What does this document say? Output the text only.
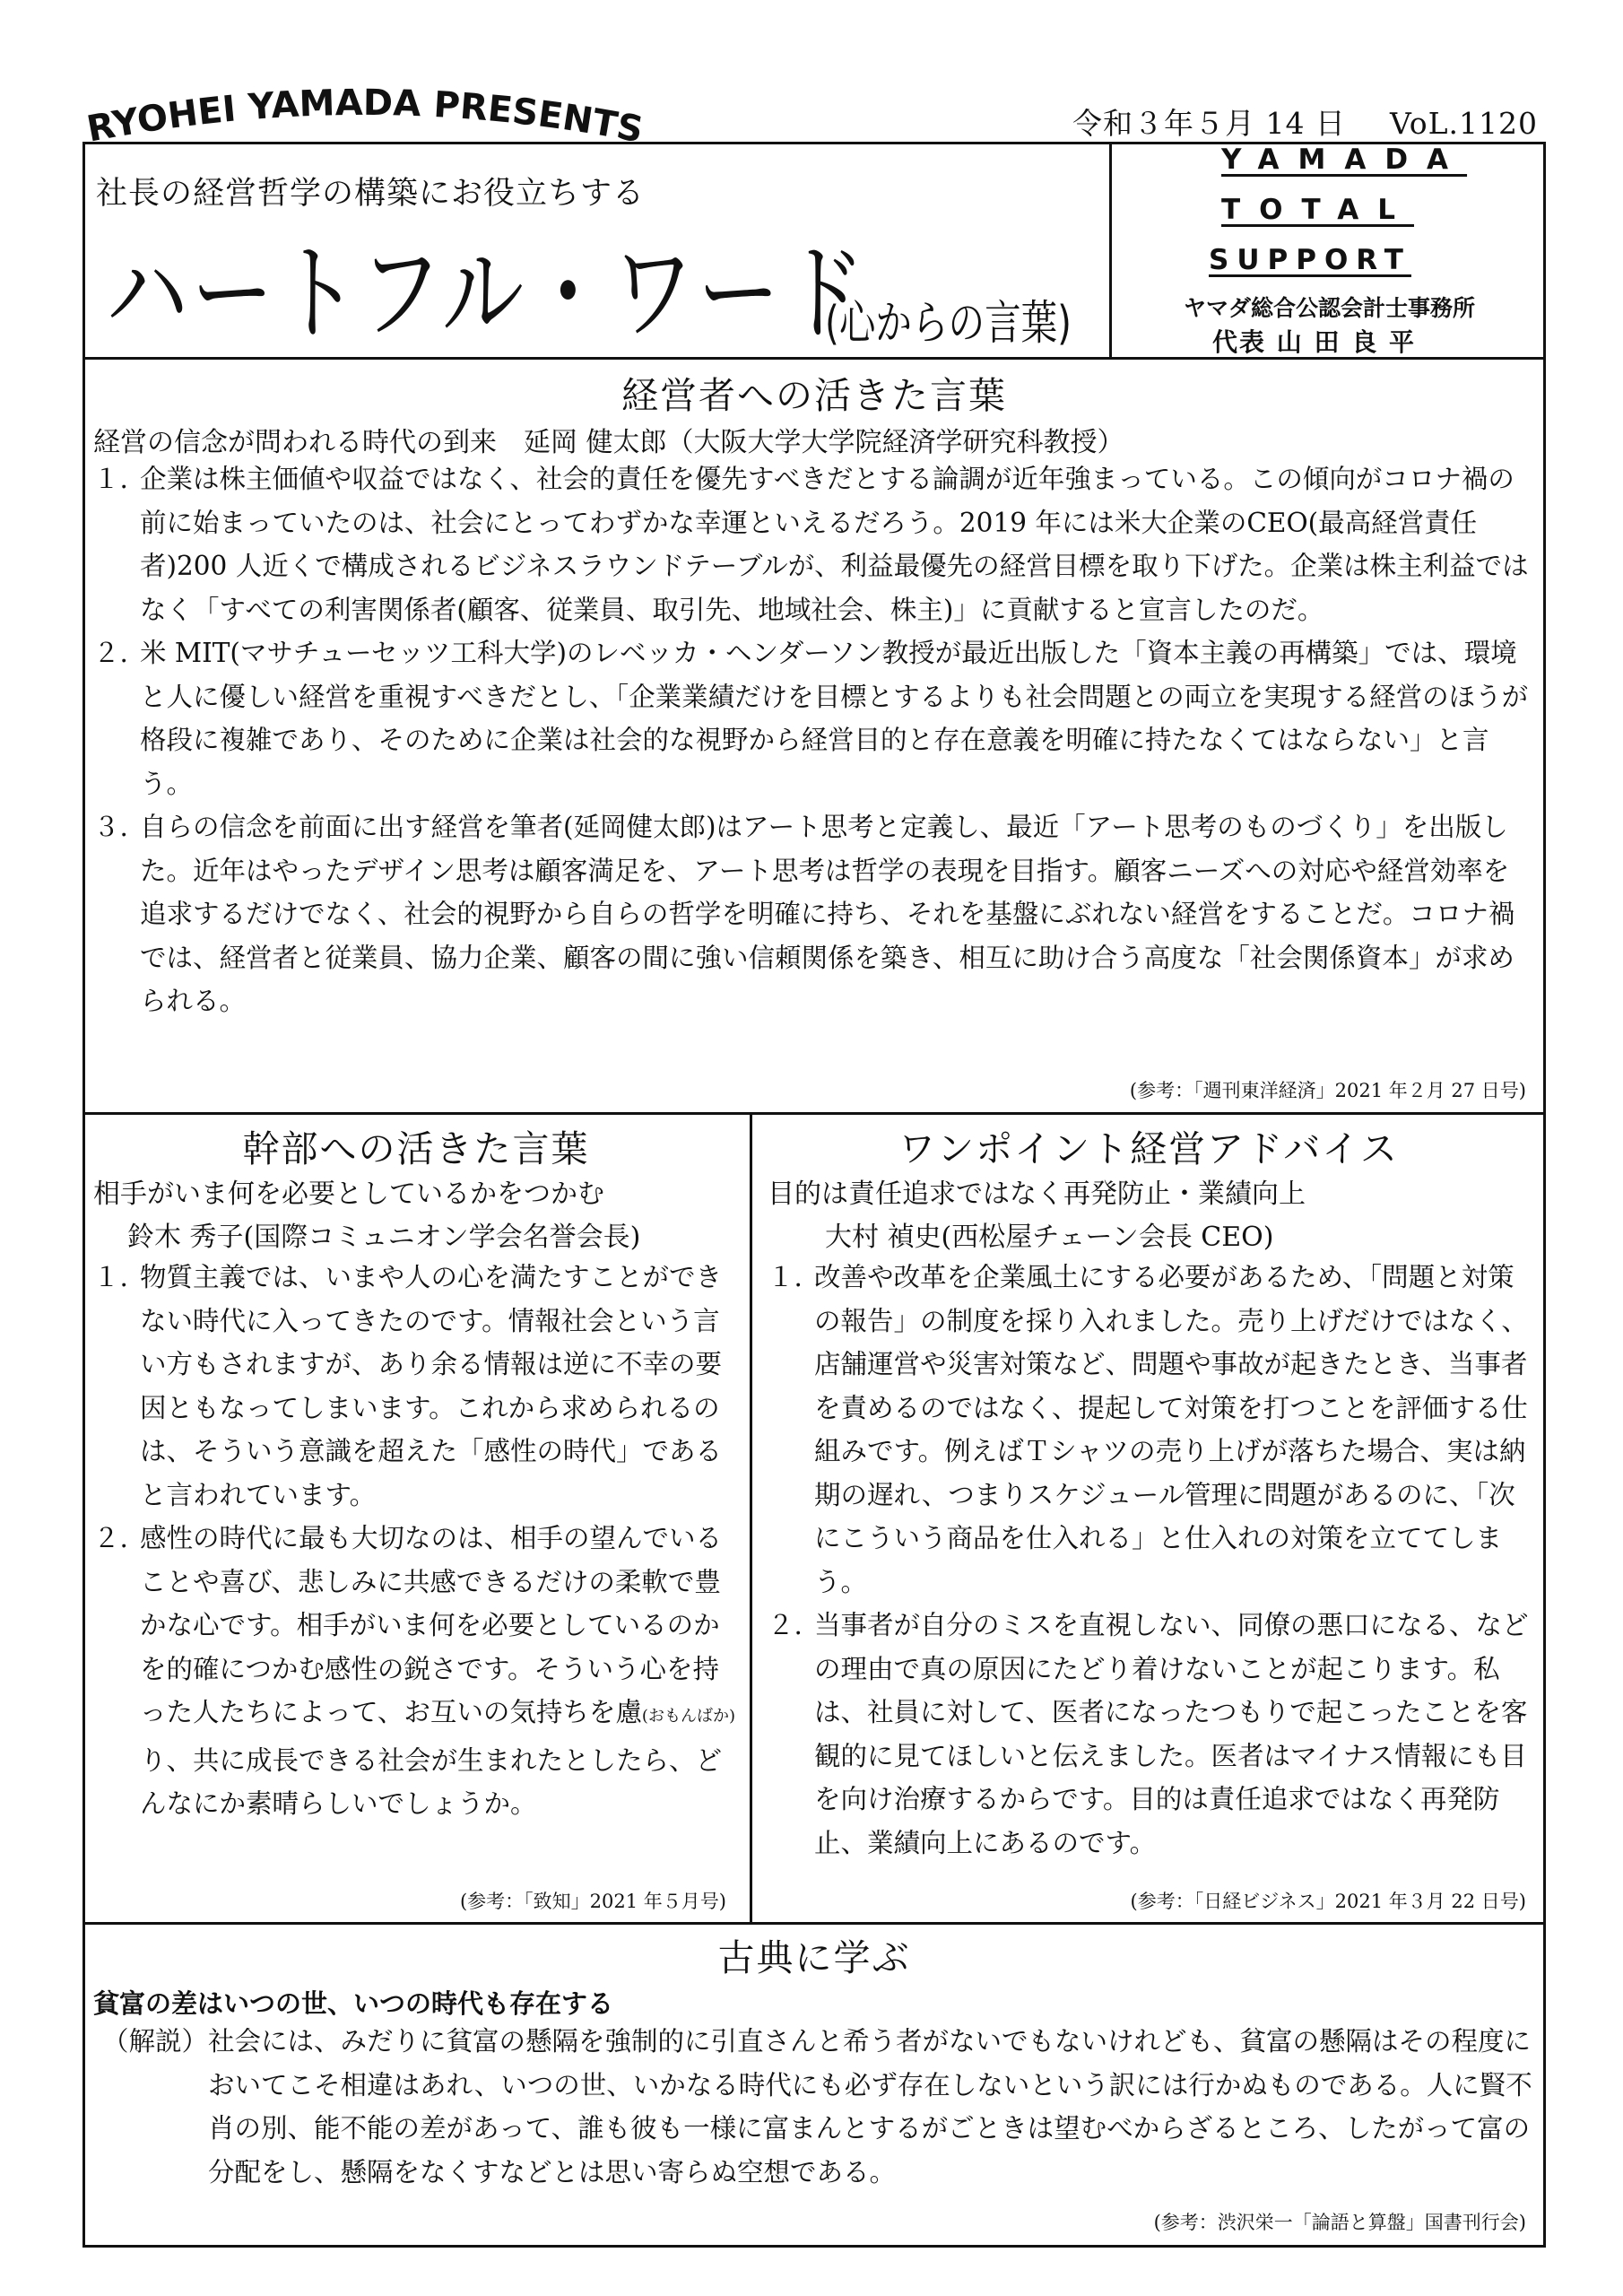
RYOHEI YAMADA PRESENTS	令和３年５月 14 日 VoL.1120
社長の経営哲学の構築にお役立ちする
ハートフル・ワード
(心からの言葉)
YAMADA
TOTAL
SUPPORT
ヤマダ総合公認会計士事務所
代表 山 田 良 平
経営者への活きた言葉
経営の信念が問われる時代の到来　延岡 健太郎（大阪大学大学院経済学研究科教授）
１. 企業は株主価値や収益ではなく、社会的責任を優先すべきだとする論調が近年強まっている。この傾向がコロナ禍の前に始まっていたのは、社会にとってわずかな幸運といえるだろう。2019 年には米大企業のCEO(最高経営責任者)200 人近くで構成されるビジネスラウンドテーブルが、利益最優先の経営目標を取り下げた。企業は株主利益ではなく「すべての利害関係者(顧客、従業員、取引先、地域社会、株主)」に貢献すると宣言したのだ。
２. 米 MIT(マサチューセッツ工科大学)のレベッカ・ヘンダーソン教授が最近出版した「資本主義の再構築」では、環境と人に優しい経営を重視すべきだとし、「企業業績だけを目標とするよりも社会問題との両立を実現する経営のほうが格段に複雑であり、そのために企業は社会的な視野から経営目的と存在意義を明確に持たなくてはならない」と言う。
３. 自らの信念を前面に出す経営を筆者(延岡健太郎)はアート思考と定義し、最近「アート思考のものづくり」を出版した。近年はやったデザイン思考は顧客満足を、アート思考は哲学の表現を目指す。顧客ニーズへの対応や経営効率を追求するだけでなく、社会的視野から自らの哲学を明確に持ち、それを基盤にぶれない経営をすることだ。コロナ禍では、経営者と従業員、協力企業、顧客の間に強い信頼関係を築き、相互に助け合う高度な「社会関係資本」が求められる。
(参考：「週刊東洋経済」2021 年２月 27 日号)
幹部への活きた言葉
相手がいま何を必要としているかをつかむ
鈴木 秀子(国際コミュニオン学会名誉会長)
１. 物質主義では、いまや人の心を満たすことができない時代に入ってきたのです。情報社会という言い方もされますが、あり余る情報は逆に不幸の要因ともなってしまいます。これから求められるのは、そういう意識を超えた「感性の時代」であると言われています。
２. 感性の時代に最も大切なのは、相手の望んでいることや喜び、悲しみに共感できるだけの柔軟で豊かな心です。相手がいま何を必要としているのかを的確につかむ感性の鋭さです。そういう心を持った人たちによって、お互いの気持ちを慮(おもんばか)り、共に成長できる社会が生まれたとしたら、どんなにか素晴らしいでしょうか。
(参考：「致知」2021 年５月号)
ワンポイント経営アドバイス
目的は責任追求ではなく再発防止・業績向上
大村 禎史(西松屋チェーン会長 CEO)
１. 改善や改革を企業風土にする必要があるため、「問題と対策の報告」の制度を採り入れました。売り上げだけではなく、店舗運営や災害対策など、問題や事故が起きたとき、当事者を責めるのではなく、提起して対策を打つことを評価する仕組みです。例えばＴシャツの売り上げが落ちた場合、実は納期の遅れ、つまりスケジュール管理に問題があるのに、「次にこういう商品を仕入れる」と仕入れの対策を立ててしまう。
２. 当事者が自分のミスを直視しない、同僚の悪口になる、などの理由で真の原因にたどり着けないことが起こります。私は、社員に対して、医者になったつもりで起こったことを客観的に見てほしいと伝えました。医者はマイナス情報にも目を向け治療するからです。目的は責任追求ではなく再発防止、業績向上にあるのです。
(参考：「日経ビジネス」2021 年３月 22 日号)
古典に学ぶ
貧富の差はいつの世、いつの時代も存在する
（解説） 社会には、みだりに貧富の懸隔を強制的に引直さんと希う者がないでもないけれども、貧富の懸隔はその程度においてこそ相違はあれ、いつの世、いかなる時代にも必ず存在しないという訳には行かぬものである。人に賢不肖の別、能不能の差があって、誰も彼も一様に富まんとするがごときは望むべからざるところ、したがって富の分配をし、懸隔をなくすなどとは思い寄らぬ空想である。
(参考：渋沢栄一「論語と算盤」国書刊行会)
